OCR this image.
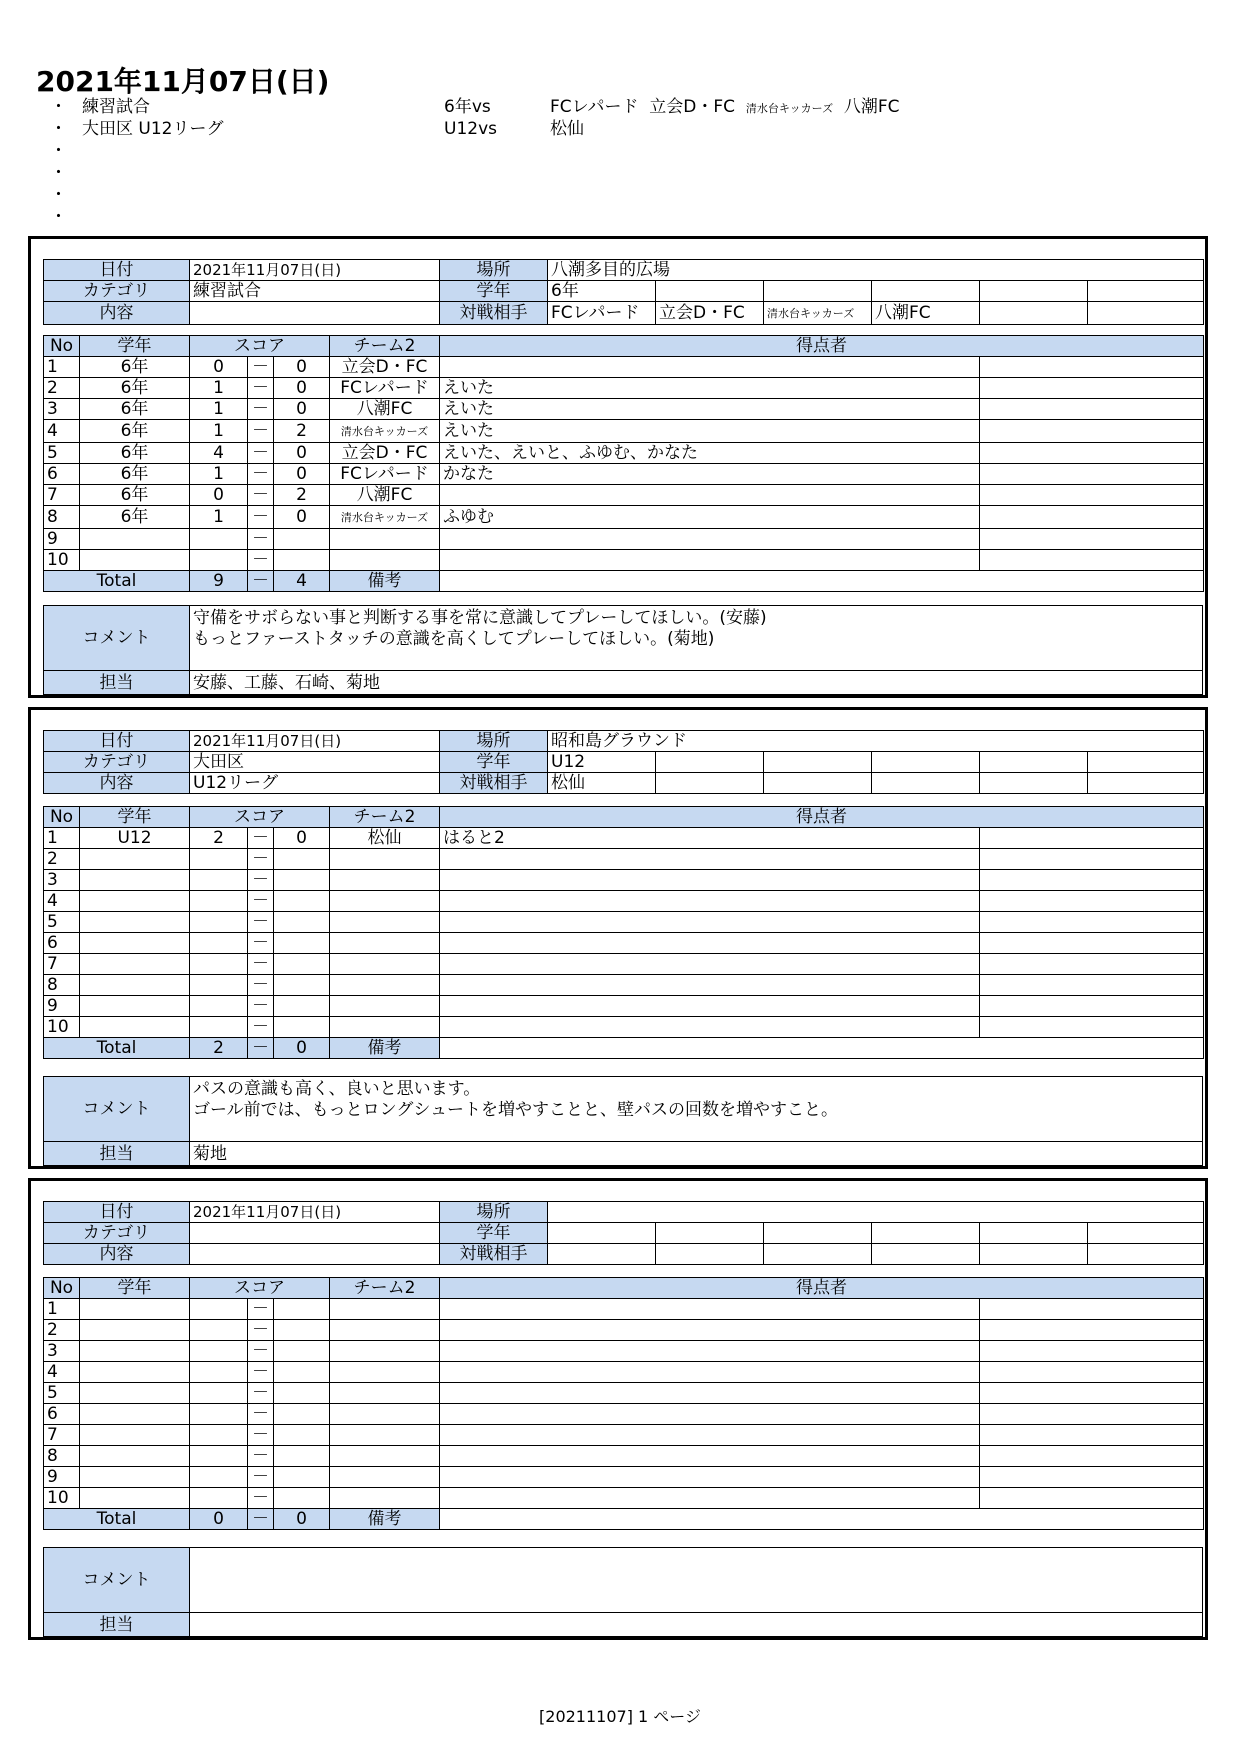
2021年11月07日(日)
・ 練習試合	6年vs	FCレパード 立会D・FC 清水台キッカーズ 八潮FC
・ 大田区 U12リーグ	U12vs	松仙
・
・
・
・
日付	2021年11月07日(日)	場所	八潮多目的広場					
カテゴリ	練習試合	学年	6年					
内容		対戦相手	FCレパード	立会D・FC	清水台キッカーズ	八潮FC		
No	学年	スコア			チーム2	得点者	
1	6年	0	－	0	立会D・FC		
2	6年	1	－	0	FCレパード	えいた	
3	6年	1	－	0	八潮FC	えいた	
4	6年	1	－	2	清水台キッカーズ	えいた	
5	6年	4	－	0	立会D・FC	えいた、えいと、ふゆむ、かなた	
6	6年	1	－	0	FCレパード	かなた	
7	6年	0	－	2	八潮FC		
8	6年	1	－	0	清水台キッカーズ	ふゆむ	
9			－				
10			－				
Total		9	－	4	備考		
コメント	守備をサボらない事と判断する事を常に意識してプレーしてほしい。(安藤)
もっとファーストタッチの意識を高くしてプレーしてほしい。(菊地)

担当	安藤、工藤、石崎、菊地
日付	2021年11月07日(日)	場所	昭和島グラウンド					
カテゴリ	大田区	学年	U12					
内容	U12リーグ	対戦相手	松仙					
No	学年	スコア			チーム2	得点者	
1	U12	2	－	0	松仙	はると2	
2			－				
3			－				
4			－				
5			－				
6			－				
7			－				
8			－				
9			－				
10			－				
Total		2	－	0	備考		
コメント	パスの意識も高く、良いと思います。
ゴール前では、もっとロングシュートを増やすことと、壁パスの回数を増やすこと。

担当	菊地
日付	2021年11月07日(日)	場所						
カテゴリ		学年						
内容		対戦相手						
No	学年	スコア			チーム2	得点者	
1			－				
2			－				
3			－				
4			－				
5			－				
6			－				
7			－				
8			－				
9			－				
10			－				
Total		0	－	0	備考		
コメント	

担当	
[20211107] 1 ページ
